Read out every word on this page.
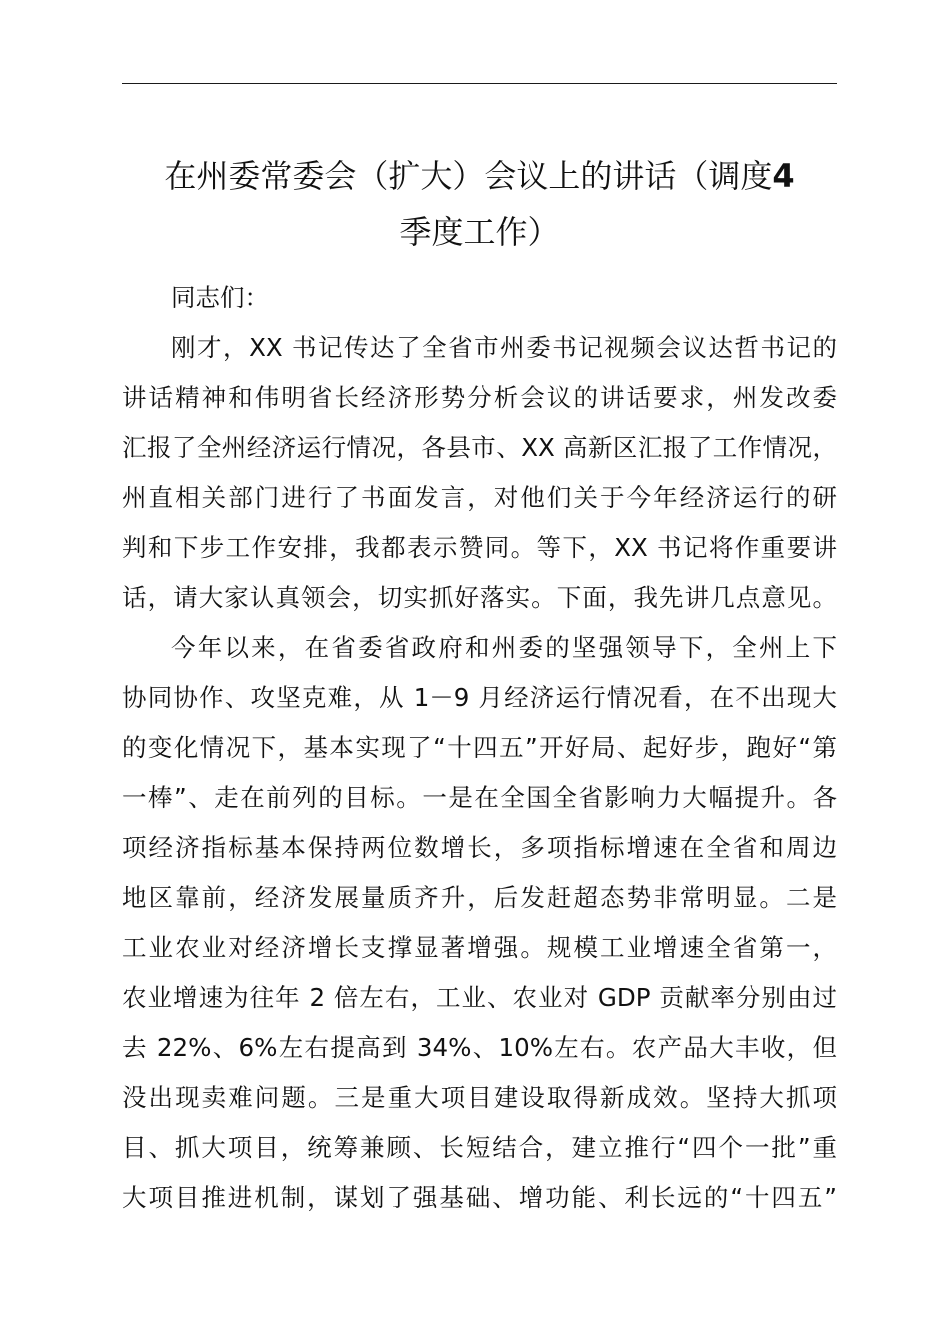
在州委常委会（扩大）会议上的讲话（调度4
季度工作）

同志们：

刚才，XX 书记传达了全省市州委书记视频会议达哲书记的

讲话精神和伟明省长经济形势分析会议的讲话要求，州发改委

汇报了全州经济运行情况，各县市、XX 高新区汇报了工作情况，

州直相关部门进行了书面发言，对他们关于今年经济运行的研

判和下步工作安排，我都表示赞同。等下，XX 书记将作重要讲

话，请大家认真领会，切实抓好落实。下面，我先讲几点意见。

今年以来，在省委省政府和州委的坚强领导下，全州上下

协同协作、攻坚克难，从 1－9 月经济运行情况看，在不出现大

的变化情况下，基本实现了“十四五”开好局、起好步，跑好“第

一棒”、走在前列的目标。一是在全国全省影响力大幅提升。各

项经济指标基本保持两位数增长，多项指标增速在全省和周边

地区靠前，经济发展量质齐升，后发赶超态势非常明显。二是

工业农业对经济增长支撑显著增强。规模工业增速全省第一，

农业增速为往年 2 倍左右，工业、农业对 GDP 贡献率分别由过

去 22%、6%左右提高到 34%、10%左右。农产品大丰收，但

没出现卖难问题。三是重大项目建设取得新成效。坚持大抓项

目、抓大项目，统筹兼顾、长短结合，建立推行“四个一批”重

大项目推进机制，谋划了强基础、增功能、利长远的“十四五”
